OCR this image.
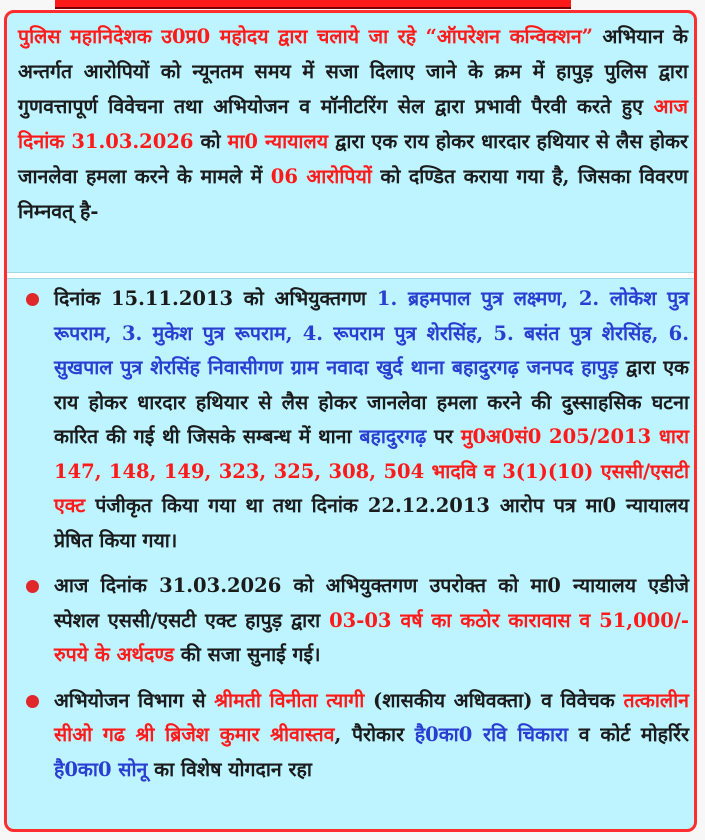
पुलिस महानिदेशक उ0प्र0 महोदय द्वारा चलाये जा रहे “ऑपरेशन कन्विक्शन” अभियान के अन्तर्गत आरोपियों को न्यूनतम समय में सजा दिलाए जाने के क्रम में हापुड़ पुलिस द्वारा गुणवत्तापूर्ण विवेचना तथा अभियोजन व मॉनीटरिंग सेल द्वारा प्रभावी पैरवी करते हुए आज दिनांक 31.03.2026 को मा0 न्यायालय द्वारा एक राय होकर धारदार हथियार से लैस होकर जानलेवा हमला करने के मामले में 06 आरोपियों को दण्डित कराया गया है, जिसका विवरण निम्नवत् है-
दिनांक 15.11.2013 को अभियुक्तगण 1. ब्रहमपाल पुत्र लक्ष्मण, 2. लोकेश पुत्र रूपराम, 3. मुकेश पुत्र रूपराम, 4. रूपराम पुत्र शेरसिंह, 5. बसंत पुत्र शेरसिंह, 6. सुखपाल पुत्र शेरसिंह निवासीगण ग्राम नवादा खुर्द थाना बहादुरगढ़ जनपद हापुड़ द्वारा एक राय होकर धारदार हथियार से लैस होकर जानलेवा हमला करने की दुस्साहसिक घटना कारित की गई थी जिसके सम्बन्ध में थाना बहादुरगढ़ पर मु0अ0सं0 205/2013 धारा 147, 148, 149, 323, 325, 308, 504 भादवि व 3(1)(10) एससी/एसटी एक्ट पंजीकृत किया गया था तथा दिनांक 22.12.2013 आरोप पत्र मा0 न्यायालय प्रेषित किया गया।
आज दिनांक 31.03.2026 को अभियुक्तगण उपरोक्त को मा0 न्यायालय एडीजे स्पेशल एससी/एसटी एक्ट हापुड़ द्वारा 03-03 वर्ष का कठोर कारावास व 51,000/- रुपये के अर्थदण्ड की सजा सुनाई गई।
अभियोजन विभाग से श्रीमती विनीता त्यागी (शासकीय अधिवक्ता) व विवेचक तत्कालीन सीओ गढ श्री ब्रिजेश कुमार श्रीवास्तव, पैरोकार है0का0 रवि चिकारा व कोर्ट मोहर्रिर है0का0 सोनू का विशेष योगदान रहा
